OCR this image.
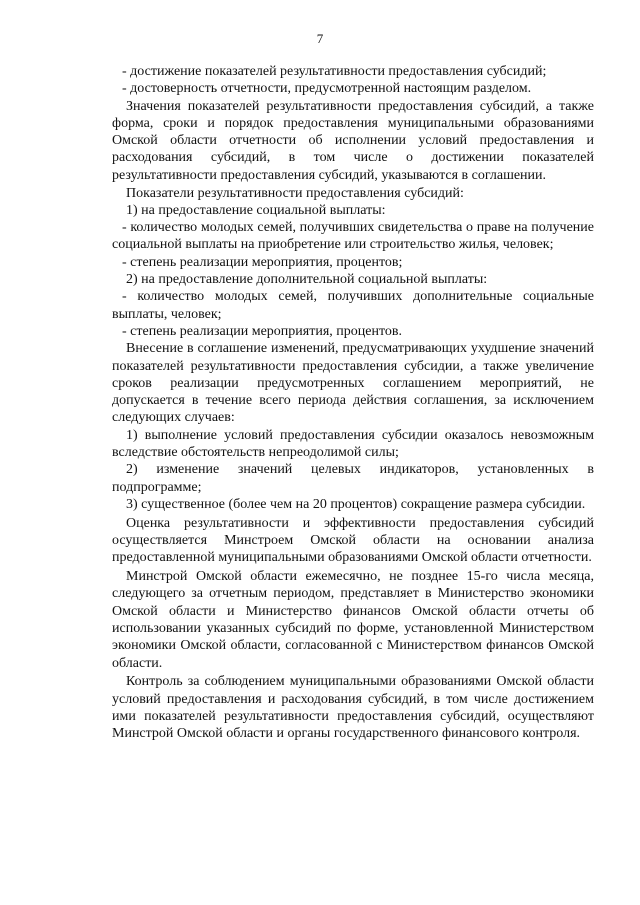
7

- достижение показателей результативности предоставления субсидий;

- достоверность отчетности, предусмотренной настоящим разделом.

Значения показателей результативности предоставления субсидий, а также форма, сроки и порядок предоставления муниципальными образованиями Омской области отчетности об исполнении условий предоставления и расходования субсидий, в том числе о достижении показателей результативности предоставления субсидий, указываются в соглашении.

Показатели результативности предоставления субсидий:

1) на предоставление социальной выплаты:

- количество молодых семей, получивших свидетельства о праве на получение социальной выплаты на приобретение или строительство жилья, человек;

- степень реализации мероприятия, процентов;

2) на предоставление дополнительной социальной выплаты:

- количество молодых семей, получивших дополнительные социальные выплаты, человек;

- степень реализации мероприятия, процентов.

Внесение в соглашение изменений, предусматривающих ухудшение значений показателей результативности предоставления субсидии, а также увеличение сроков реализации предусмотренных соглашением мероприятий, не допускается в течение всего периода действия соглашения, за исключением следующих случаев:

1) выполнение условий предоставления субсидии оказалось невозможным вследствие обстоятельств непреодолимой силы;

2) изменение значений целевых индикаторов, установленных в подпрограмме;

3) существенное (более чем на 20 процентов) сокращение размера субсидии.

Оценка результативности и эффективности предоставления субсидий осуществляется Минстроем Омской области на основании анализа предоставленной муниципальными образованиями Омской области отчетности.

Минстрой Омской области ежемесячно, не позднее 15-го числа месяца, следующего за отчетным периодом, представляет в Министерство экономики Омской области и Министерство финансов Омской области отчеты об использовании указанных субсидий по форме, установленной Министерством экономики Омской области, согласованной с Министерством финансов Омской области.

Контроль за соблюдением муниципальными образованиями Омской области условий предоставления и расходования субсидий, в том числе достижением ими показателей результативности предоставления субсидий, осуществляют Минстрой Омской области и органы государственного финансового контроля.
